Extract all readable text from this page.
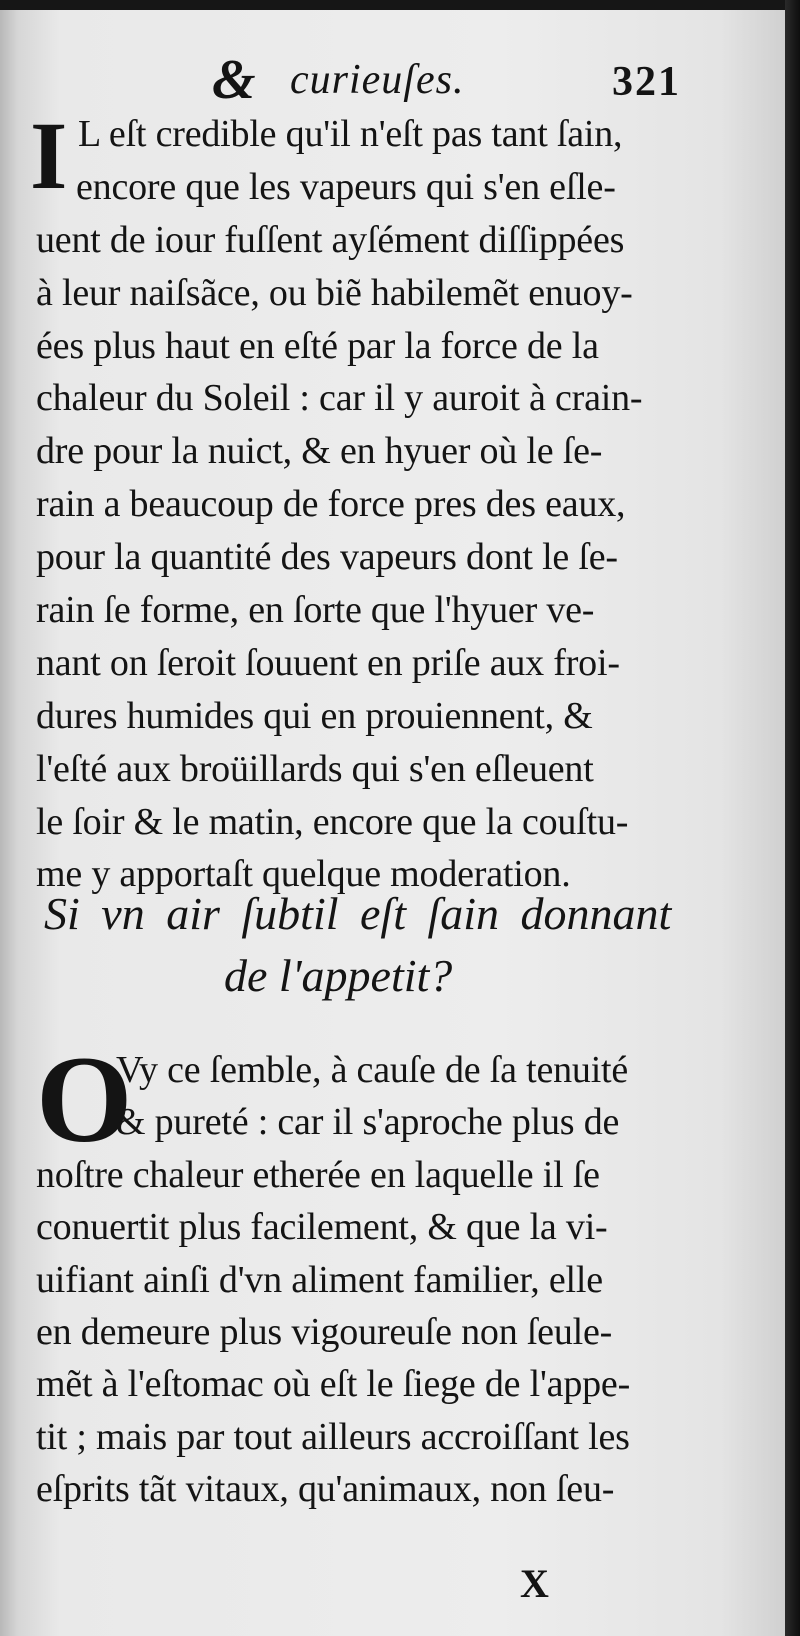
& curieuſes.	321
I L eſt credible qu'il n'eſt pas tant ſain,
encore que les vapeurs qui s'en eſle-
uent de iour fuſſent ayſément diſſippées
à leur naiſsãce, ou biẽ habilemẽt enuoy-
ées plus haut en eſté par la force de la
chaleur du Soleil : car il y auroit à crain-
dre pour la nuict, & en hyuer où le ſe-
rain a beaucoup de force pres des eaux,
pour la quantité des vapeurs dont le ſe-
rain ſe forme, en ſorte que l'hyuer ve-
nant on ſeroit ſouuent en priſe aux froi-
dures humides qui en prouiennent, &
l'eſté aux broüillards qui s'en eſleuent
le ſoir & le matin, encore que la couſtu-
me y apportaſt quelque moderation.
Si vn air ſubtil eſt ſain donnant
de l'appetit?
O
Vy ce ſemble, à cauſe de ſa tenuité
& pureté : car il s'aproche plus de
noſtre chaleur etherée en laquelle il ſe
conuertit plus facilement, & que la vi-
uifiant ainſi d'vn aliment familier, elle
en demeure plus vigoureuſe non ſeule-
mẽt à l'eſtomac où eſt le ſiege de l'appe-
tit ; mais par tout ailleurs accroiſſant les
eſprits tãt vitaux, qu'animaux, non ſeu-
X
